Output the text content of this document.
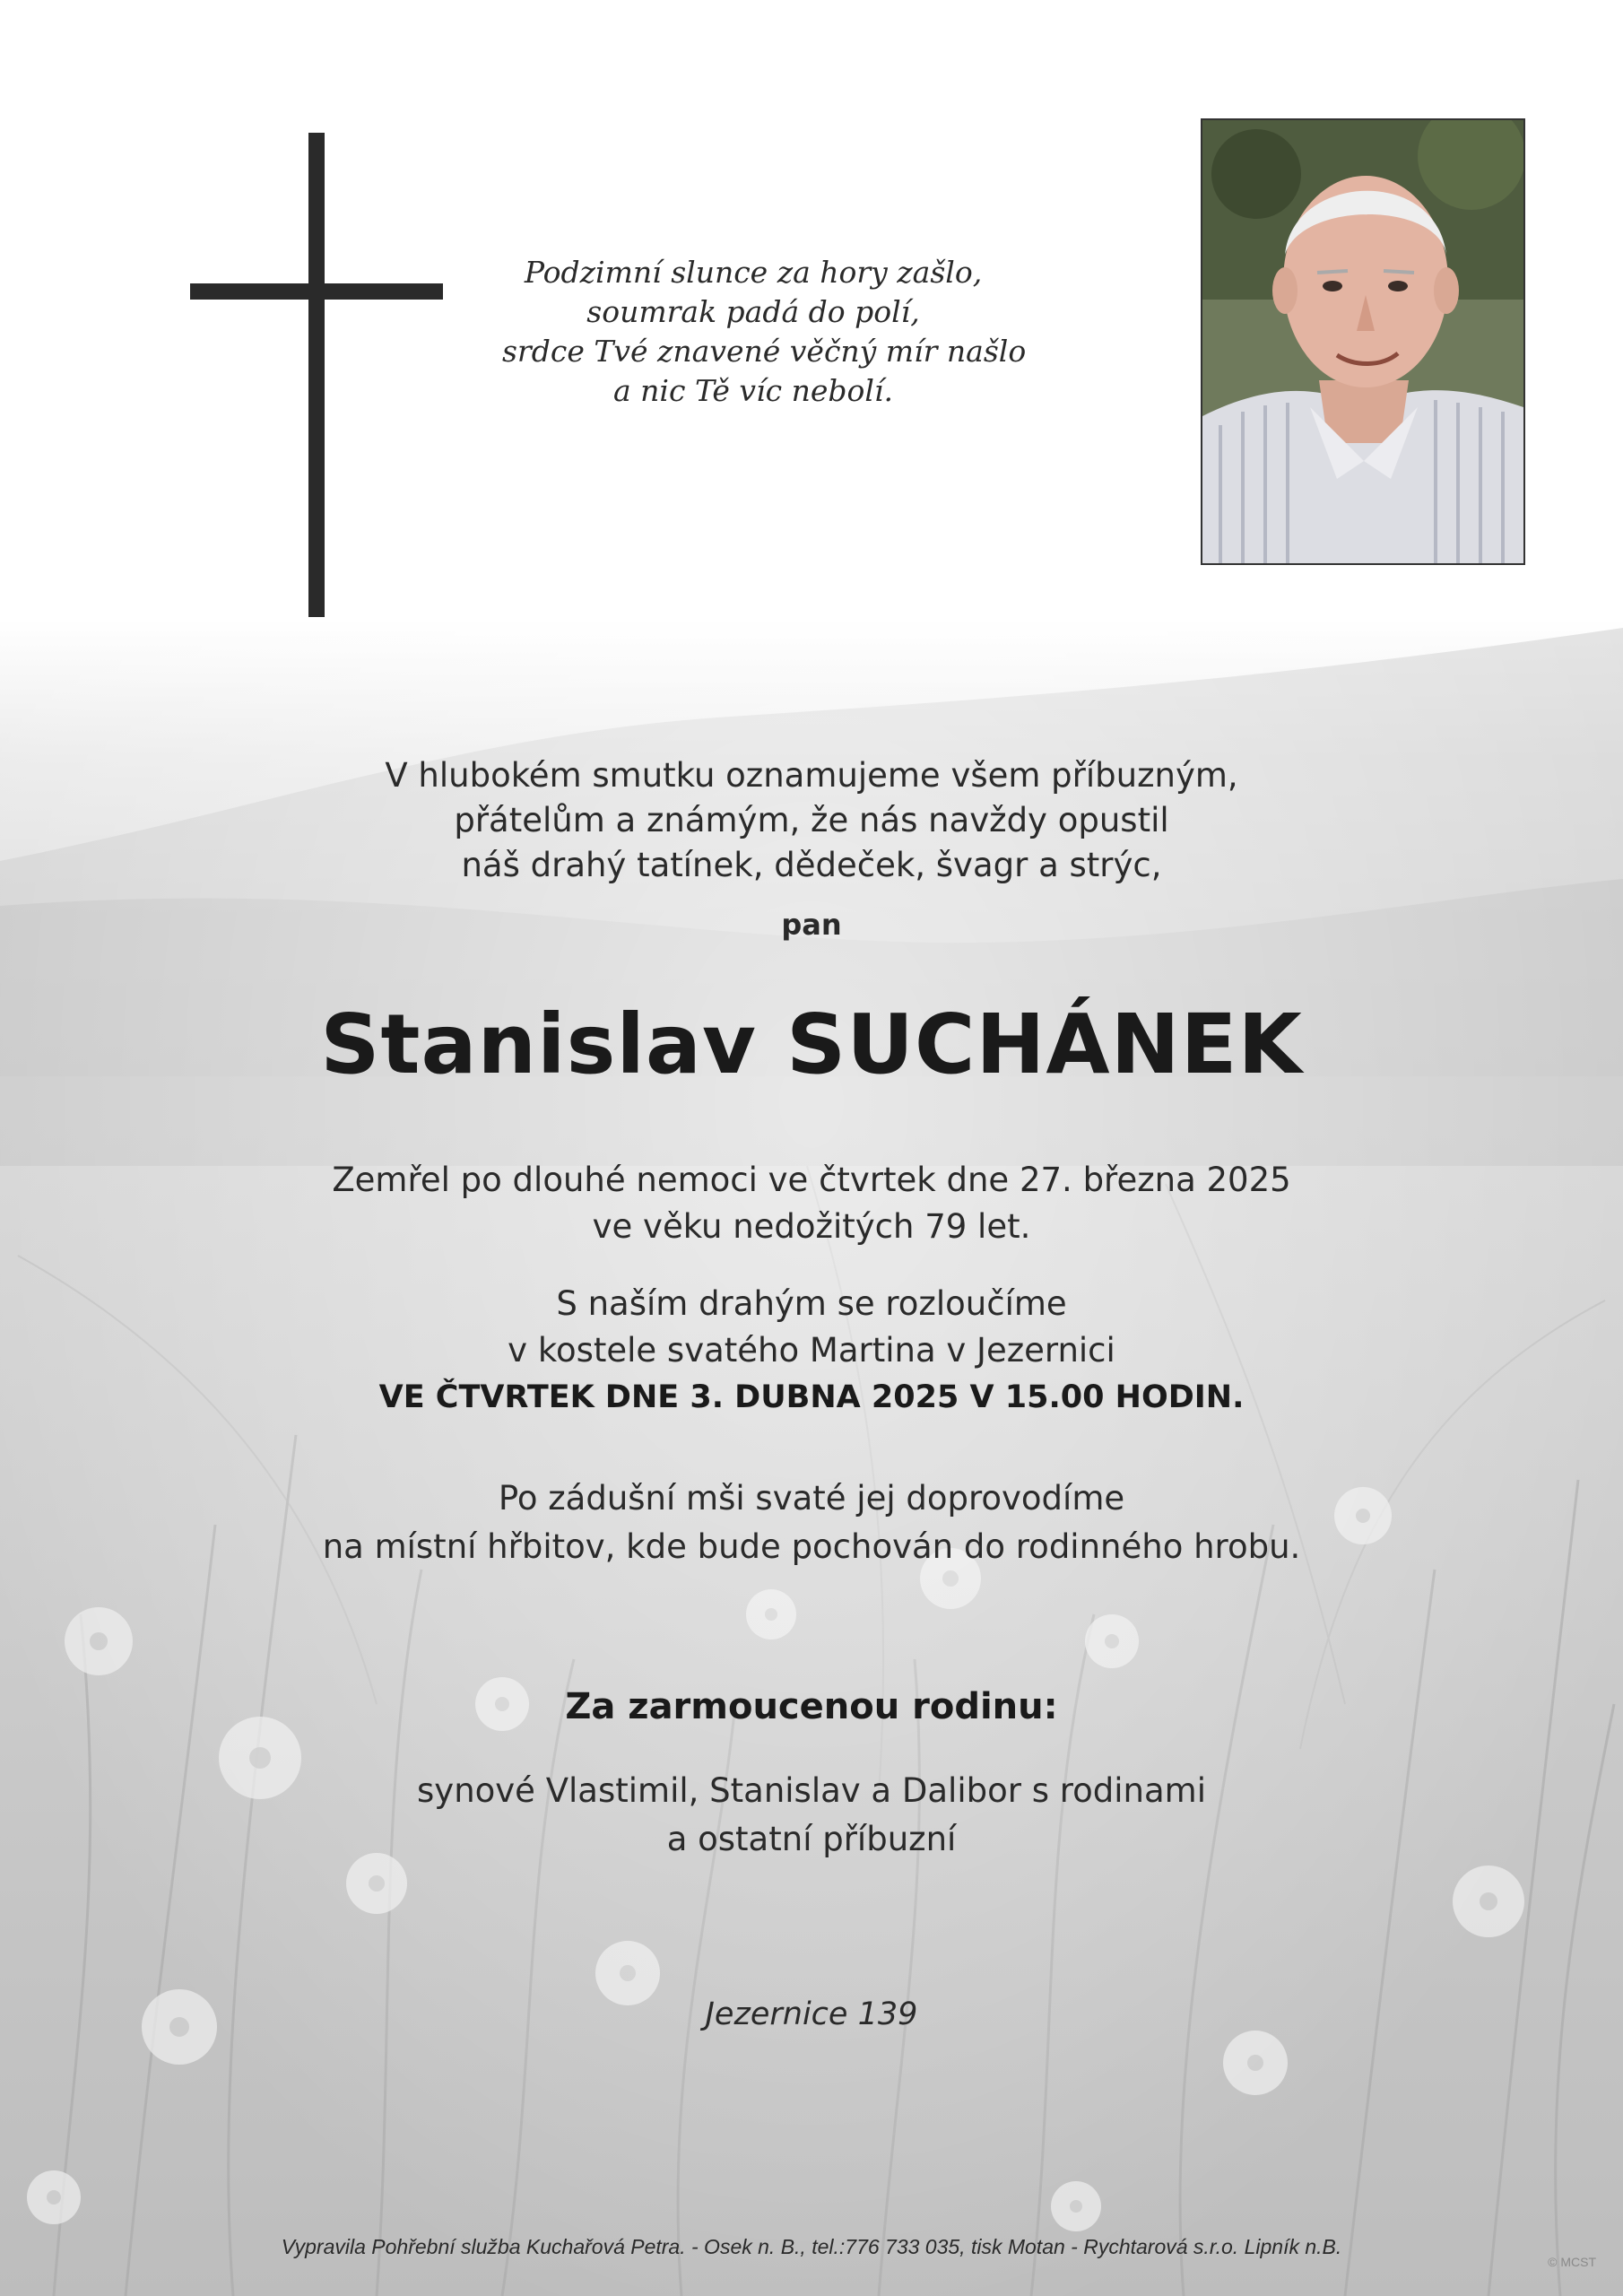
Podzimní slunce za hory zašlo,
soumrak padá do polí,
srdce Tvé znavené věčný mír našlo
a nic Tě víc nebolí.
V hlubokém smutku oznamujeme všem příbuzným,
přátelům a známým, že nás navždy opustil
náš drahý tatínek, dědeček, švagr a strýc,
pan
Stanislav SUCHÁNEK
Zemřel po dlouhé nemoci ve čtvrtek dne 27. března 2025
ve věku nedožitých 79 let.
S naším drahým se rozloučíme
v kostele svatého Martina v Jezernici
VE ČTVRTEK DNE 3. DUBNA 2025 V 15.00 HODIN.
Po zádušní mši svaté jej doprovodíme
na místní hřbitov, kde bude pochován do rodinného hrobu.
Za zarmoucenou rodinu:
synové Vlastimil, Stanislav a Dalibor s rodinami
a ostatní příbuzní
Jezernice 139
Vypravila Pohřební služba Kuchařová Petra. - Osek n. B., tel.:776 733 035, tisk Motan - Rychtarová s.r.o. Lipník n.B.
© MCST
